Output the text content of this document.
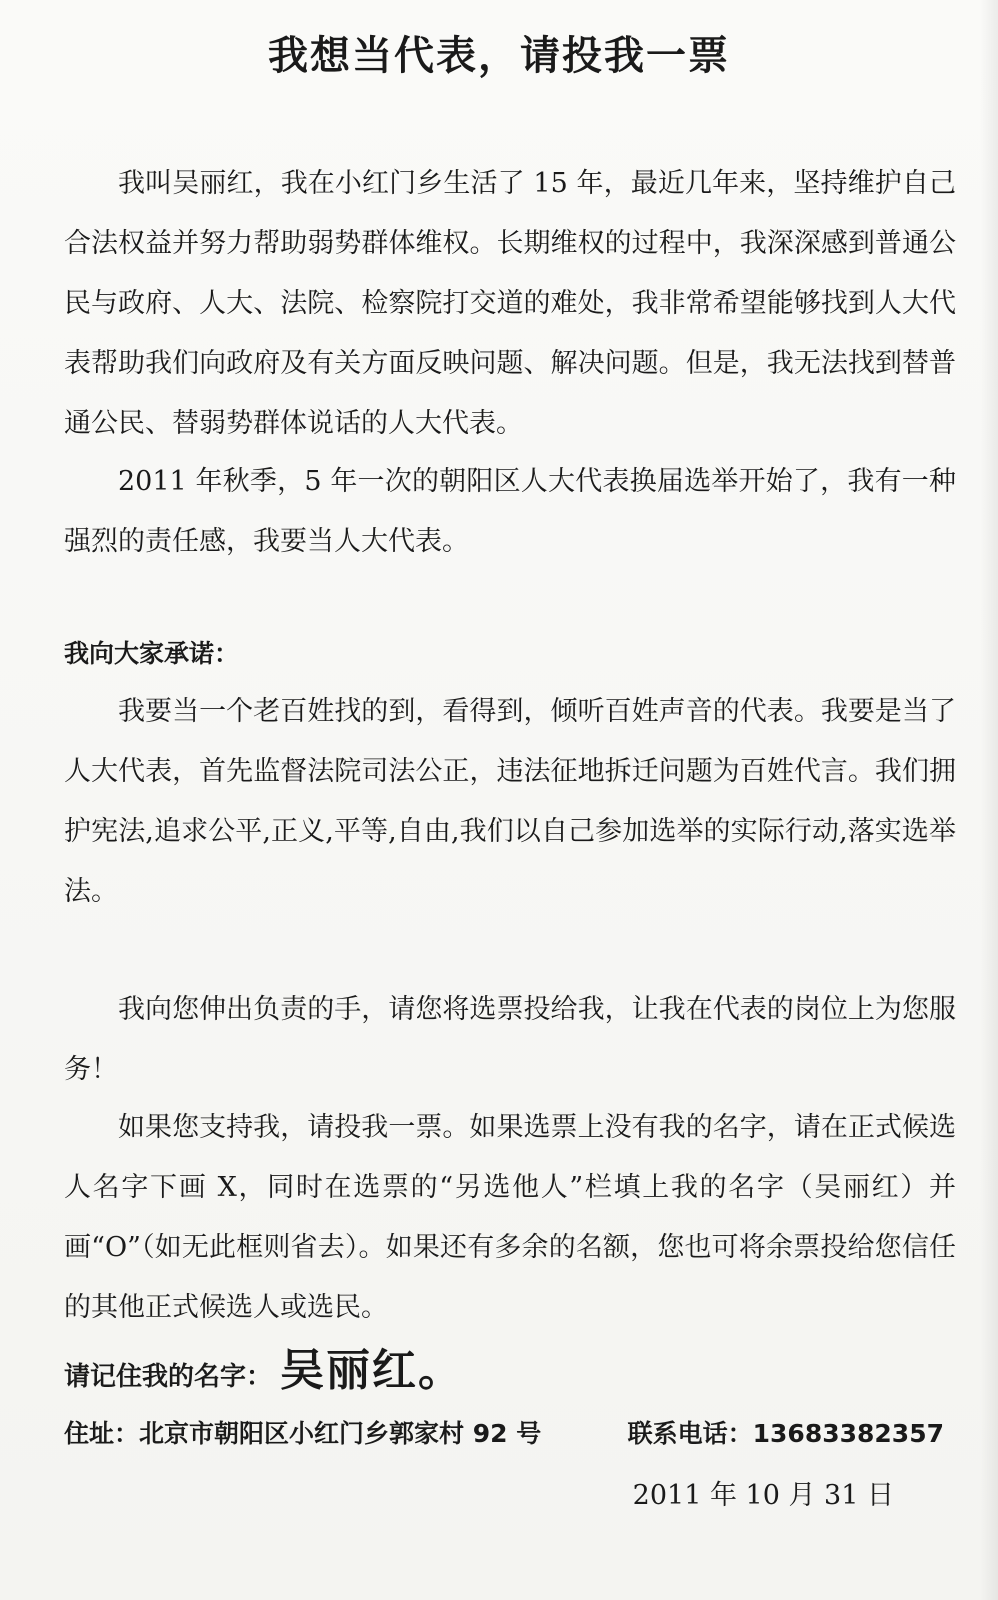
我想当代表，请投我一票

我叫吴丽红，我在小红门乡生活了 15 年，最近几年来，坚持维护自己合法权益并努力帮助弱势群体维权。长期维权的过程中，我深深感到普通公民与政府、人大、法院、检察院打交道的难处，我非常希望能够找到人大代表帮助我们向政府及有关方面反映问题、解决问题。但是，我无法找到替普通公民、替弱势群体说话的人大代表。

2011 年秋季，5 年一次的朝阳区人大代表换届选举开始了，我有一种强烈的责任感，我要当人大代表。

我向大家承诺：

我要当一个老百姓找的到，看得到，倾听百姓声音的代表。我要是当了人大代表，首先监督法院司法公正，违法征地拆迁问题为百姓代言。我们拥护宪法,追求公平,正义,平等,自由,我们以自己参加选举的实际行动,落实选举法。

我向您伸出负责的手，请您将选票投给我，让我在代表的岗位上为您服务！

如果您支持我，请投我一票。如果选票上没有我的名字，请在正式候选人名字下画 X，同时在选票的“另选他人”栏填上我的名字（吴丽红）并画“O”（如无此框则省去）。如果还有多余的名额，您也可将余票投给您信任的其他正式候选人或选民。

请记住我的名字： 吴丽红。
住址：北京市朝阳区小红门乡郭家村 92 号	联系电话：13683382357
2011 年 10 月 31 日
